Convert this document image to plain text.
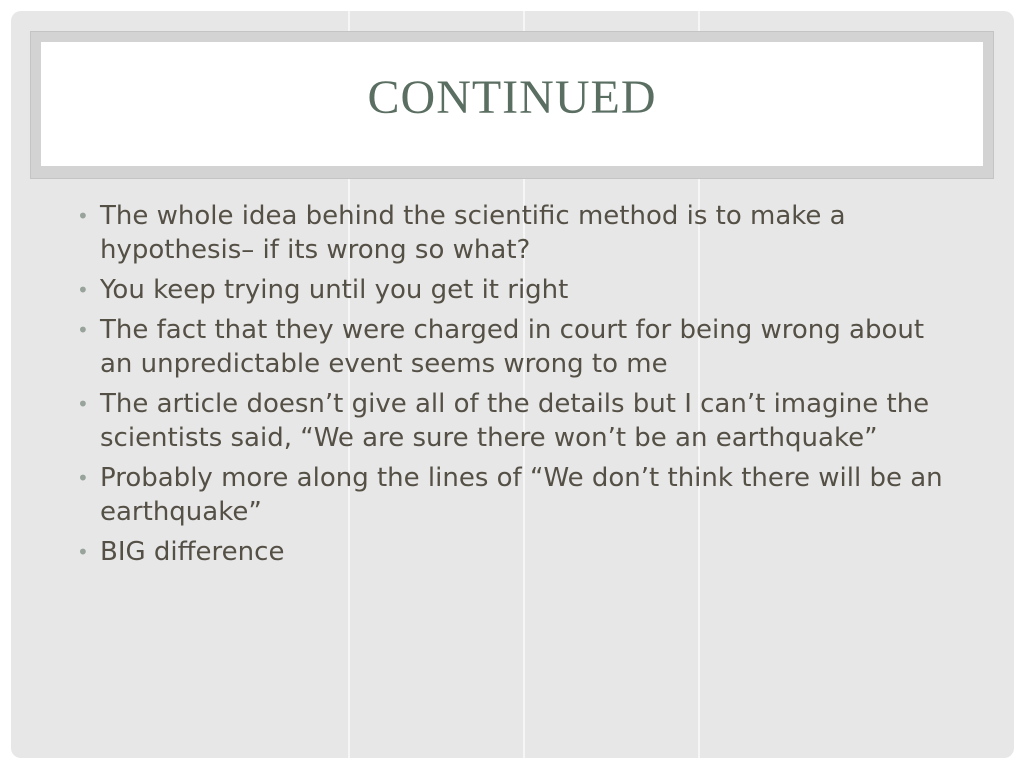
CONTINUED
• The whole idea behind the scientific method is to make a hypothesis– if its wrong so what?
• You keep trying until you get it right
• The fact that they were charged in court for being wrong about an unpredictable event seems wrong to me
• The article doesn’t give all of the details but I can’t imagine the scientists said, “We are sure there won’t be an earthquake”
• Probably more along the lines of “We don’t think there will be an earthquake”
• BIG difference
